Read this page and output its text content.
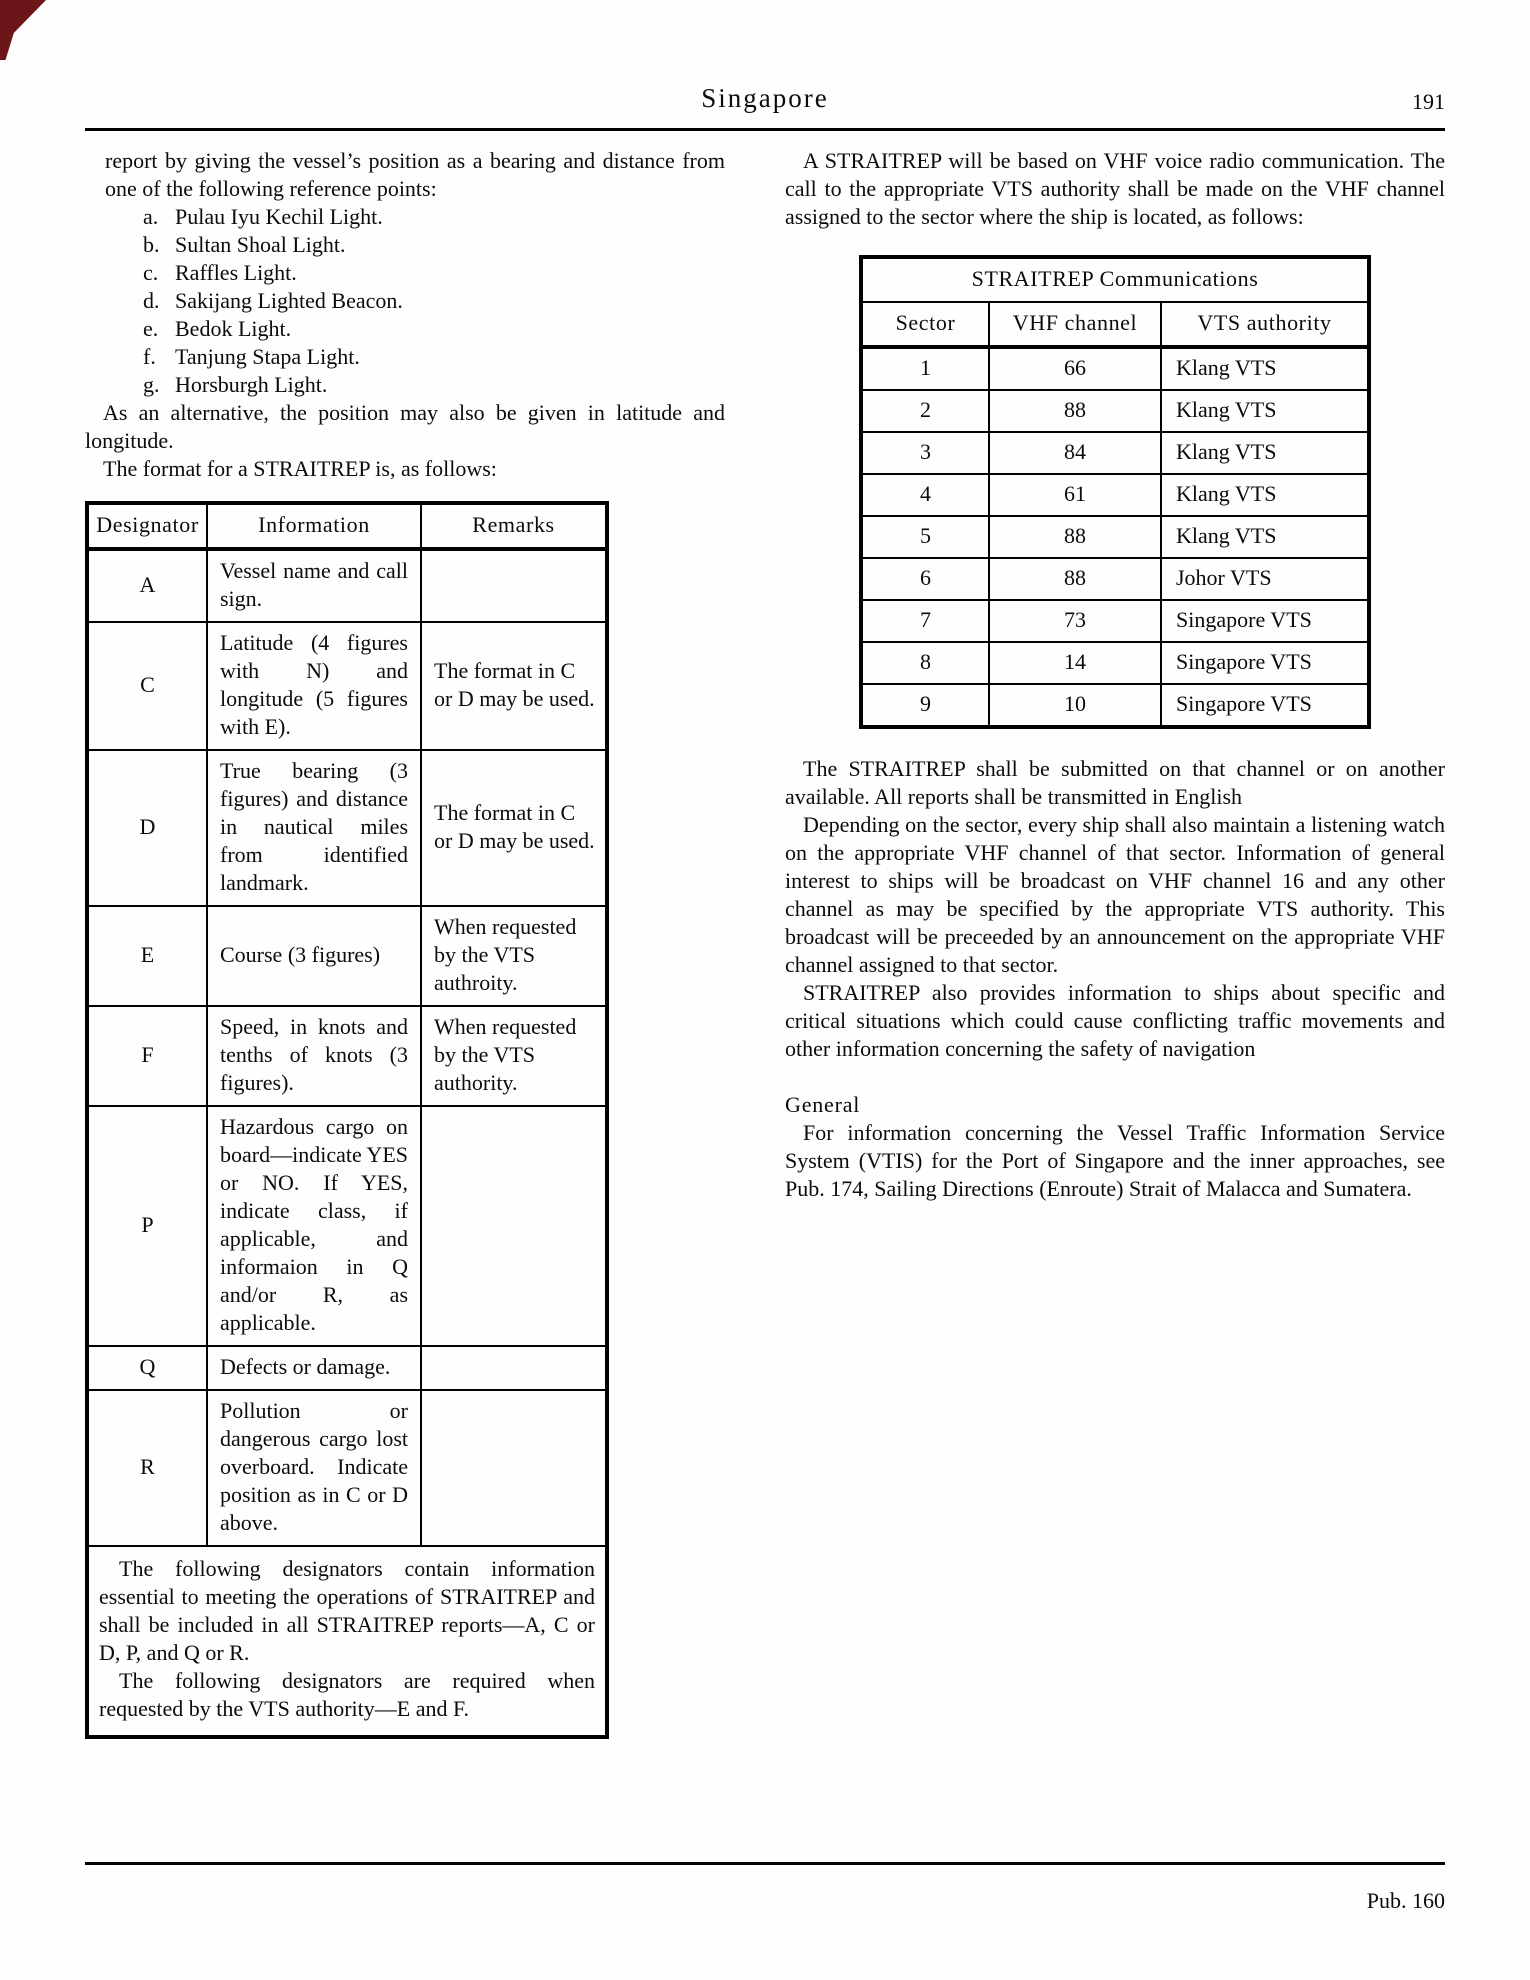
Singapore	191

report by giving the vessel’s position as a bearing and distance from one of the following reference points:

a. Pulau Iyu Kechil Light.
b. Sultan Shoal Light.
c. Raffles Light.
d. Sakijang Lighted Beacon.
e. Bedok Light.
f. Tanjung Stapa Light.
g. Horsburgh Light.

As an alternative, the position may also be given in latitude and longitude.

The format for a STRAITREP is, as follows:

Designator	Information	Remarks
A	Vessel name and call sign.	
C	Latitude (4 figures with N) and longitude (5 figures with E).	The format in C or D may be used.
D	True bearing (3 figures) and distance in nautical miles from identified landmark.	The format in C or D may be used.
E	Course (3 figures)	When requested by the VTS authroity.
F	Speed, in knots and tenths of knots (3 figures).	When requested by the VTS authority.
P	Hazardous cargo on board—indicate YES or NO. If YES, indicate class, if applicable, and informaion in Q and/or R, as applicable.	
Q	Defects or damage.	
R	Pollution or dangerous cargo lost overboard. Indicate position as in C or D above.	

The following designators contain information essential to meeting the operations of STRAITREP and shall be included in all STRAITREP reports—A, C or D, P, and Q or R.

The following designators are required when requested by the VTS authority—E and F.		

A STRAITREP will be based on VHF voice radio communication. The call to the appropriate VTS authority shall be made on the VHF channel assigned to the sector where the ship is located, as follows:

STRAITREP Communications		
Sector	VHF channel	VTS authority
1	66	Klang VTS
2	88	Klang VTS
3	84	Klang VTS
4	61	Klang VTS
5	88	Klang VTS
6	88	Johor VTS
7	73	Singapore VTS
8	14	Singapore VTS
9	10	Singapore VTS

The STRAITREP shall be submitted on that channel or on another available. All reports shall be transmitted in English

Depending on the sector, every ship shall also maintain a listening watch on the appropriate VHF channel of that sector. Information of general interest to ships will be broadcast on VHF channel 16 and any other channel as may be specified by the appropriate VTS authority. This broadcast will be preceeded by an announcement on the appropriate VHF channel assigned to that sector.

STRAITREP also provides information to ships about specific and critical situations which could cause conflicting traffic movements and other information concerning the safety of navigation

General

For information concerning the Vessel Traffic Information Service System (VTIS) for the Port of Singapore and the inner approaches, see Pub. 174, Sailing Directions (Enroute) Strait of Malacca and Sumatera.

Pub. 160
